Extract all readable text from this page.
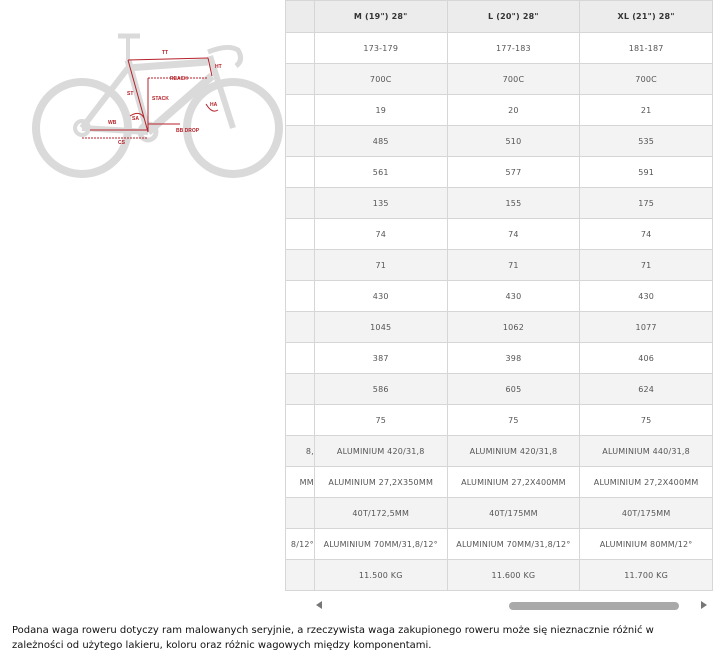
TT
HT
REACH
ST
STACK
SA
HA
WB
CS
BB DROP
	M (19") 28"	L (20") 28"	XL (21") 28"
	173-179	177-183	181-187
	700C	700C	700C
	19	20	21
	485	510	535
	561	577	591
	135	155	175
	74	74	74
	71	71	71
	430	430	430
	1045	1062	1077
	387	398	406
	586	605	624
	75	75	75
,8	ALUMINIUM 420/31,8	ALUMINIUM 420/31,8	ALUMINIUM 440/31,8
MM	ALUMINIUM 27,2X350MM	ALUMINIUM 27,2X400MM	ALUMINIUM 27,2X400MM
	40T/172,5MM	40T/175MM	40T/175MM
8/12°	ALUMINIUM 70MM/31,8/12°	ALUMINIUM 70MM/31,8/12°	ALUMINIUM 80MM/12°
	11.500 KG	11.600 KG	11.700 KG
Podana waga roweru dotyczy ram malowanych seryjnie, a rzeczywista waga zakupionego roweru może się nieznacznie różnić w zależności od użytego lakieru, koloru oraz różnic wagowych między komponentami.
